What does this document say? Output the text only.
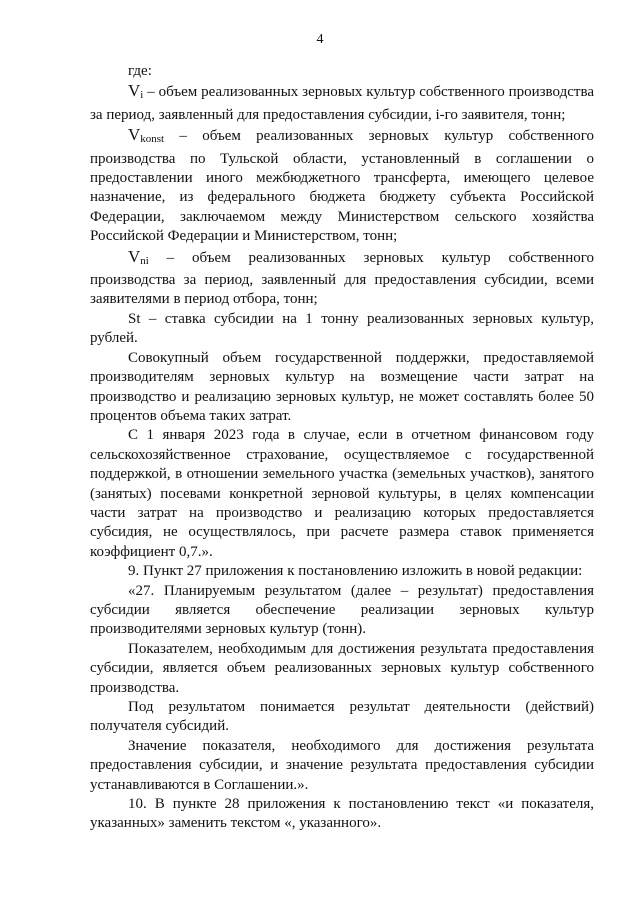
4

где:

Vi – объем реализованных зерновых культур собственного производства за период, заявленный для предоставления субсидии, i-го заявителя, тонн;

Vkonst – объем реализованных зерновых культур собственного производства по Тульской области, установленный в соглашении о предоставлении иного межбюджетного трансферта, имеющего целевое назначение, из федерального бюджета бюджету субъекта Российской Федерации, заключаемом между Министерством сельского хозяйства Российской Федерации и Министерством, тонн;

Vni – объем реализованных зерновых культур собственного производства за период, заявленный для предоставления субсидии, всеми заявителями в период отбора, тонн;

St – ставка субсидии на 1 тонну реализованных зерновых культур, рублей.

Совокупный объем государственной поддержки, предоставляемой производителям зерновых культур на возмещение части затрат на производство и реализацию зерновых культур, не может составлять более 50 процентов объема таких затрат.

С 1 января 2023 года в случае, если в отчетном финансовом году сельскохозяйственное страхование, осуществляемое с государственной поддержкой, в отношении земельного участка (земельных участков), занятого (занятых) посевами конкретной зерновой культуры, в целях компенсации части затрат на производство и реализацию которых предоставляется субсидия, не осуществлялось, при расчете размера ставок применяется коэффициент 0,7.».

9. Пункт 27 приложения к постановлению изложить в новой редакции:

«27. Планируемым результатом (далее – результат) предоставления субсидии является обеспечение реализации зерновых культур производителями зерновых культур (тонн).

Показателем, необходимым для достижения результата предоставления субсидии, является объем реализованных зерновых культур собственного производства.

Под результатом понимается результат деятельности (действий) получателя субсидий.

Значение показателя, необходимого для достижения результата предоставления субсидии, и значение результата предоставления субсидии устанавливаются в Соглашении.».

10. В пункте 28 приложения к постановлению текст «и показателя, указанных» заменить текстом «, указанного».
